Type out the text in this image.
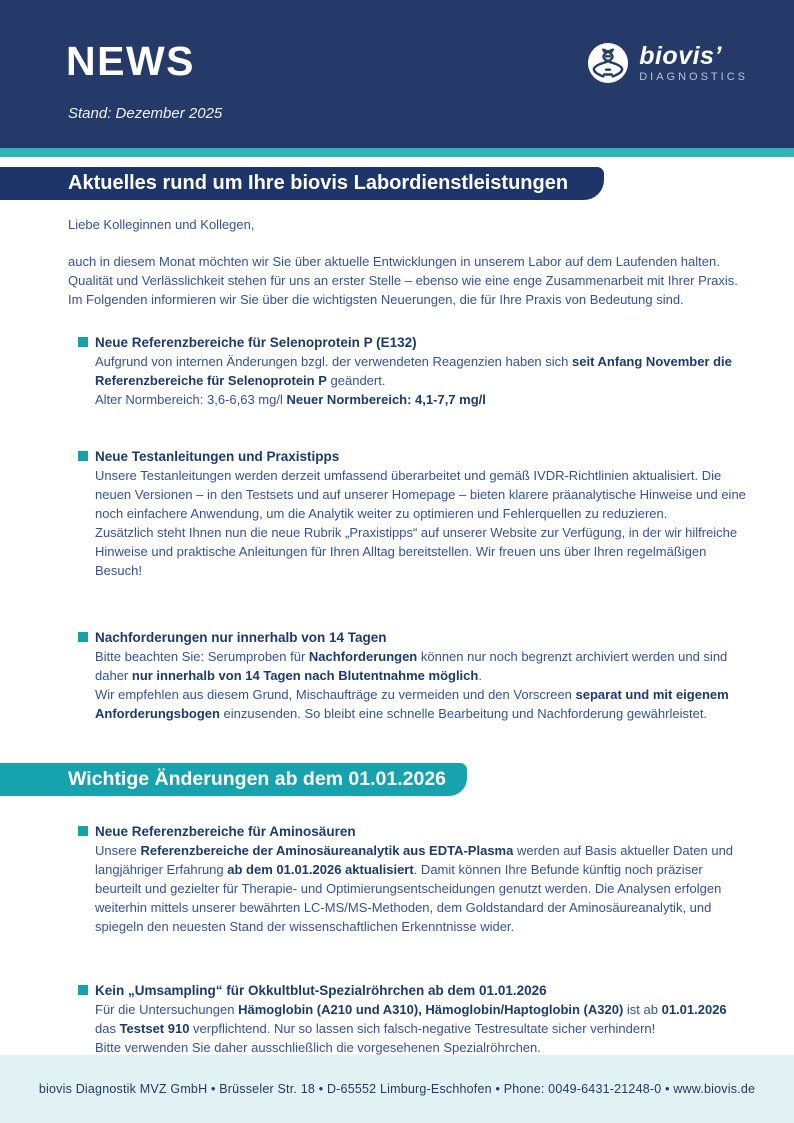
NEWS	biovis’
DIAGNOSTICS
Stand: Dezember 2025
Aktuelles rund um Ihre biovis Labordienstleistungen

Liebe Kolleginnen und Kollegen,

auch in diesem Monat möchten wir Sie über aktuelle Entwicklungen in unserem Labor auf dem Laufenden halten. Qualität und Verlässlichkeit stehen für uns an erster Stelle – ebenso wie eine enge Zusammenarbeit mit Ihrer Praxis. Im Folgenden informieren wir Sie über die wichtigsten Neuerungen, die für Ihre Praxis von Bedeutung sind.

Neue Referenzbereiche für Selenoprotein P (E132)
Aufgrund von internen Änderungen bzgl. der verwendeten Reagenzien haben sich seit Anfang November die Referenzbereiche für Selenoprotein P geändert.
Alter Normbereich: 3,6-6,63 mg/l Neuer Normbereich: 4,1-7,7 mg/l
Neue Testanleitungen und Praxistipps
Unsere Testanleitungen werden derzeit umfassend überarbeitet und gemäß IVDR-Richtlinien aktualisiert. Die neuen Versionen – in den Testsets und auf unserer Homepage – bieten klarere präanalytische Hinweise und eine noch einfachere Anwendung, um die Analytik weiter zu optimieren und Fehlerquellen zu reduzieren.
Zusätzlich steht Ihnen nun die neue Rubrik „Praxistipps“ auf unserer Website zur Verfügung, in der wir hilfreiche Hinweise und praktische Anleitungen für Ihren Alltag bereitstellen. Wir freuen uns über Ihren regelmäßigen Besuch!
Nachforderungen nur innerhalb von 14 Tagen
Bitte beachten Sie: Serumproben für Nachforderungen können nur noch begrenzt archiviert werden und sind daher nur innerhalb von 14 Tagen nach Blutentnahme möglich.
Wir empfehlen aus diesem Grund, Mischaufträge zu vermeiden und den Vorscreen separat und mit eigenem Anforderungsbogen einzusenden. So bleibt eine schnelle Bearbeitung und Nachforderung gewährleistet.
Wichtige Änderungen ab dem 01.01.2026
Neue Referenzbereiche für Aminosäuren
Unsere Referenzbereiche der Aminosäureanalytik aus EDTA-Plasma werden auf Basis aktueller Daten und langjähriger Erfahrung ab dem 01.01.2026 aktualisiert. Damit können Ihre Befunde künftig noch präziser beurteilt und gezielter für Therapie- und Optimierungsentscheidungen genutzt werden. Die Analysen erfolgen weiterhin mittels unserer bewährten LC-MS/MS-Methoden, dem Goldstandard der Aminosäureanalytik, und spiegeln den neuesten Stand der wissenschaftlichen Erkenntnisse wider.
Kein „Umsampling“ für Okkultblut-Spezialröhrchen ab dem 01.01.2026
Für die Untersuchungen Hämoglobin (A210 und A310), Hämoglobin/Haptoglobin (A320) ist ab 01.01.2026 das Testset 910 verpflichtend. Nur so lassen sich falsch-negative Testresultate sicher verhindern!
Bitte verwenden Sie daher ausschließlich die vorgesehenen Spezialröhrchen.
biovis Diagnostik MVZ GmbH • Brüsseler Str. 18 • D-65552 Limburg-Eschhofen • Phone: 0049-6431-21248-0 • www.biovis.de
